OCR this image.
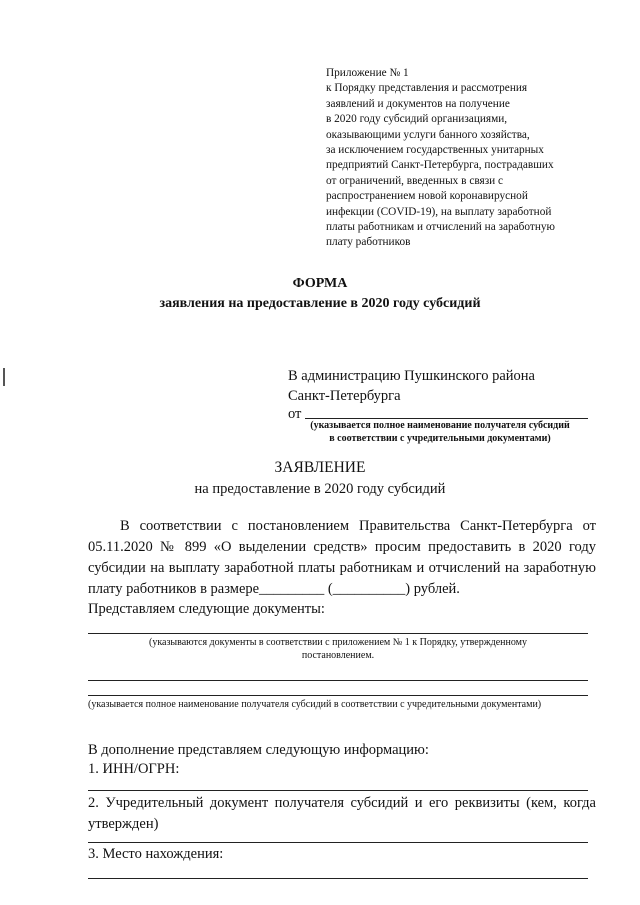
Приложение № 1
к Порядку представления и рассмотрения
заявлений и документов на получение
в 2020 году субсидий организациями,
оказывающими услуги банного хозяйства,
за исключением государственных унитарных
предприятий Санкт-Петербурга, пострадавших
от ограничений, введенных в связи с
распространением новой коронавирусной
инфекции (COVID-19), на выплату заработной
платы работникам и отчислений на заработную
плату работников
ФОРМА
заявления на предоставление в 2020 году субсидий
В администрацию Пушкинского района
Санкт-Петербурга
от
(указывается полное наименование получателя субсидий
в соответствии с учредительными документами)
ЗАЯВЛЕНИЕ
на предоставление в 2020 году субсидий

В соответствии с постановлением Правительства Санкт-Петербурга от 05.11.2020 № 899 «О выделении средств» просим предоставить в 2020 году субсидии на выплату заработной платы работникам и отчислений на заработную плату работников в размере_________ (__________) рублей.

Представляем следующие документы:
(указываются документы в соответствии с приложением № 1 к Порядку, утвержденному
постановлением.
(указывается полное наименование получателя субсидий в соответствии с учредительными документами)
В дополнение представляем следующую информацию:
1. ИНН/ОГРН:

2. Учредительный документ получателя субсидий и его реквизиты (кем, когда утвержден)

3. Место нахождения:
